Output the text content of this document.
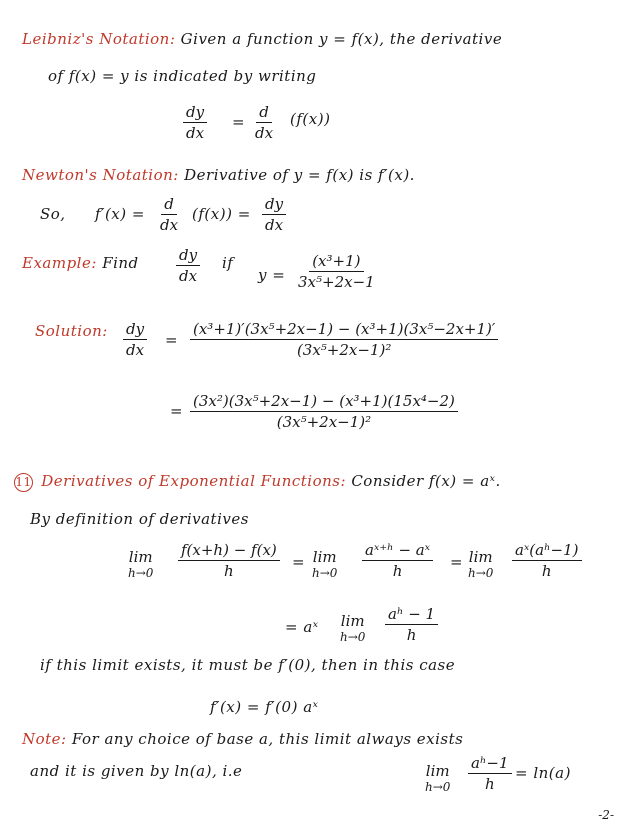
Leibniz's Notation: Given a function y = f(x), the derivative
of f(x) = y is indicated by writing
$\frac{dy}{dx} = \frac{d}{dx} (f(x))$
Newton's Notation: Derivative of y = f(x) is f′(x).
So, $f'(x) = \frac{d}{dx} (f(x)) = \frac{dy}{dx}$
Example: Find $\frac{dy}{dx}$ if
$y = \frac{\text{(x³+1)}}{\text{3x⁵+2x−1}}$
Solution: $\frac{dy}{dx} = \frac{\text{(x³+1)′(3x⁵+2x−1) − (x³+1)(3x⁵−2x+1)′}}{\text{(3x⁵+2x−1)²}}$
= $\frac{\text{(3x²)(3x⁵+2x−1) − (x³+1)(15x⁴−2)}}{\text{(3x⁵+2x−1)²}}$
11 Derivatives of Exponential Functions: Consider f(x) = aˣ.
By definition of derivatives
lim
$h\to 0 \frac{f(x+h) - f(x)}{h} = \lim$
$h\to 0 \frac{\text{aˣ⁺ʰ − aˣ}}{h} = \lim$
$h\to 0 \frac{\text{aˣ(aʰ−1)}}{h}$
= aˣ lim
$h\to 0 \frac{\text{aʰ − 1}}{h}$
if this limit exists, it must be f′(0), then in this case
f′(x) = f′(0) aˣ
Note: For any choice of base a, this limit always exists
and it is given by ln(a), i.e	lim
$h\to 0 \frac{\text{aʰ−1}}{h} = \ln(a)$
-2-
